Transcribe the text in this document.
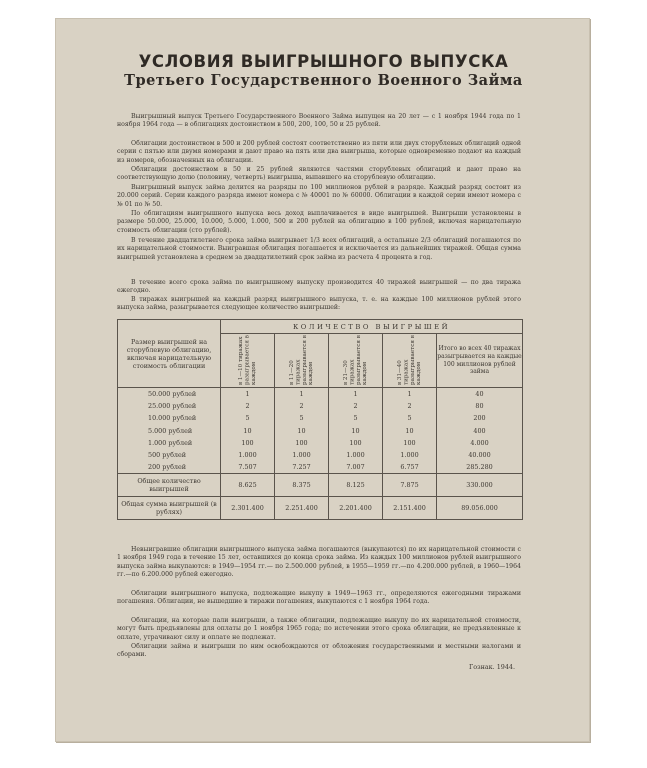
УСЛОВИЯ ВЫИГРЫШНОГО ВЫПУСКА
Третьего Государственного Военного Займа

Выигрышный выпуск Третьего Государственного Военного Займа выпущен на 20 лет — с 1 ноября 1944 года по 1 ноября 1964 года — в облигациях достоинством в 500, 200, 100, 50 и 25 рублей.

Облигации достоинством в 500 и 200 рублей состоят соответственно из пяти или двух сторублевых облигаций одной серии с пятью или двумя номерами и дают право на пять или два выигрыша, которые одновременно подают на каждый из номеров, обозначенных на облигации.

Облигации достоинством в 50 и 25 рублей являются частями стоpублевых облигаций и дают право на соответствующую долю (половину, четверть) выигрыша, выпавшего на сторублевую облигацию.

Выигрышный выпуск займа делится на разряды по 100 миллионов рублей в разряде. Каждый разряд состоит из 20.000 серий. Серии каждого разряда имеют номера с № 40001 по № 60000. Облигации в каждой серии имеют номера с № 01 по № 50.

По облигациям выигрышного выпуска весь доход выплачивается в виде выигрышей. Выигрыши установлены в размере 50.000, 25.000, 10.000, 5.000, 1.000, 500 и 200 рублей на облигацию в 100 рублей, включая нарицательную стоимость облигации (сто рублей).

В течение двадцатилетнего срока займа выигрывает 1/3 всех облигаций, а остальные 2/3 облигаций погашаются по их нарицательной стоимости. Выигравшая облигация погашается и исключается из дальнейших тиражей. Общая сумма выигрышей установлена в среднем за двадцатилетний срок займа из расчета 4 процента в год.

В течение всего срока займа по выигрышному выпуску производится 40 тиражей выигрышей — по два тиража ежегодно.

В тиражах выигрышей на каждый разряд выигрышного выпуска, т. е. на каждые 100 миллионов рублей этого выпуска займа, разыгрывается следующее количество выигрышей:

Размер выигрышей на стоpублевую облигацию, включая нарицательную стоимость облигации	КОЛИЧЕСТВО ВЫИГРЫШЕЙ				
	в 1—10 тиражах разыгрывается в каждом	в 11—20 тиражах разыгрывается в каждом	в 21—30 тиражах разыгрывается в каждом	в 31—40 тиражах разыгрывается в каждом	Итого во всех 40 тиражах разыгрывается на каждые 100 миллионов рублей займа
50.000 рублей	1	1	1	1	40
25.000 рублей	2	2	2	2	80
10.000 рублей	5	5	5	5	200
5.000 рублей	10	10	10	10	400
1.000 рублей	100	100	100	100	4.000
500 рублей	1.000	1.000	1.000	1.000	40.000
200 рублей	7.507	7.257	7.007	6.757	285.280
Общее количество выигрышей	8.625	8.375	8.125	7.875	330.000
Общая сумма выигрышей (в рублях)	2.301.400	2.251.400	2.201.400	2.151.400	89.056.000

Невыигравшие облигации выигрышного выпуска займа погашаются (выкупаются) по их нарицательной стоимости с 1 ноября 1949 года в течение 15 лет, оставшихся до конца срока займа. Из каждых 100 миллионов рублей выигрышного выпуска займа выкупаются: в 1949—1954 гг.— по 2.500.000 рублей, в 1955—1959 гг.—по 4.200.000 рублей, в 1960—1964 гг.—по 6.200.000 рублей ежегодно.

Облигации выигрышного выпуска, подлежащие выкупу в 1949—1963 гг., определяются ежегодными тиражами погашения. Облигации, не вышедшие в тиражи погашения, выкупаются с 1 ноября 1964 года.

Облигации, на которые пали выигрыши, а также облигации, подлежащие выкупу по их нарицательной стоимости, могут быть предъявлены для оплаты до 1 ноября 1965 года; по истечении этого срока облигации, не предъявленные к оплате, утрачивают силу и оплате не подлежат.

Облигации займа и выигрыши по ним освобождаются от обложения государственными и местными налогами и сборами.

Гознак. 1944.
